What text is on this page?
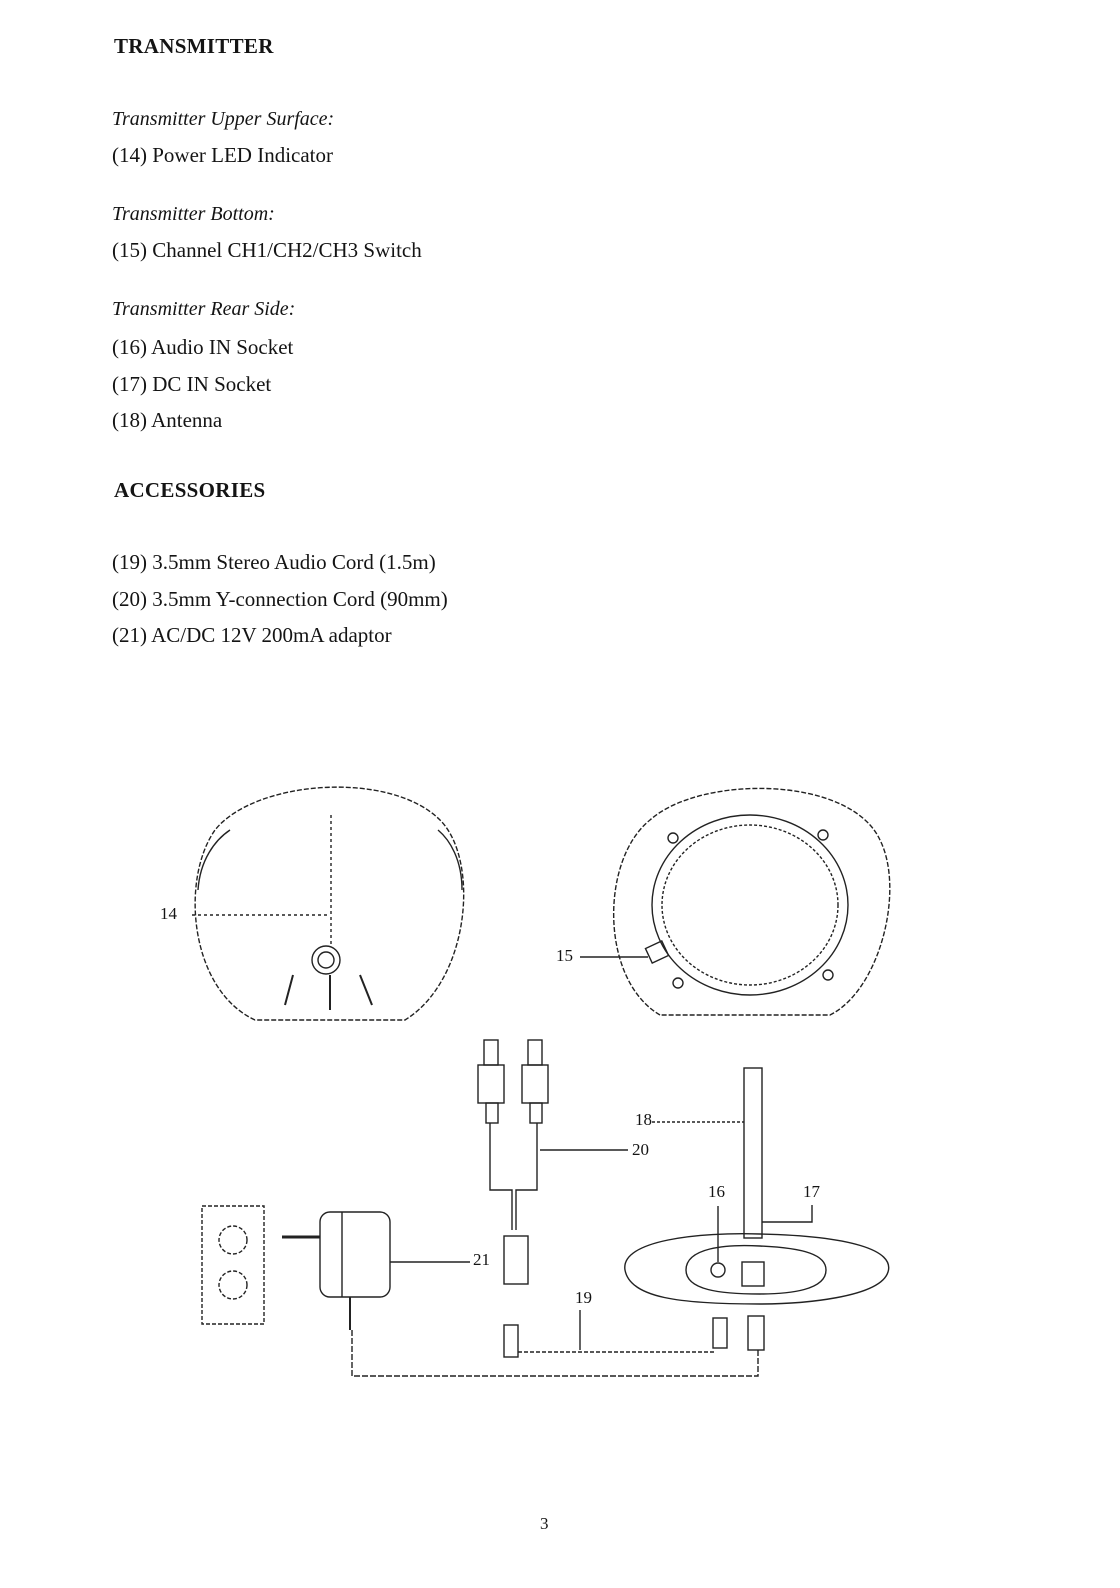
TRANSMITTER

Transmitter Upper Surface:

(14) Power LED Indicator

Transmitter Bottom:

(15) Channel CH1/CH2/CH3 Switch

Transmitter Rear Side:

(16) Audio IN Socket

(17) DC IN Socket

(18) Antenna

ACCESSORIES

(19) 3.5mm Stereo Audio Cord (1.5m)

(20) 3.5mm Y-connection Cord (90mm)

(21) AC/DC 12V 200mA adaptor

14
15
16	17
18
19
20
21
3
